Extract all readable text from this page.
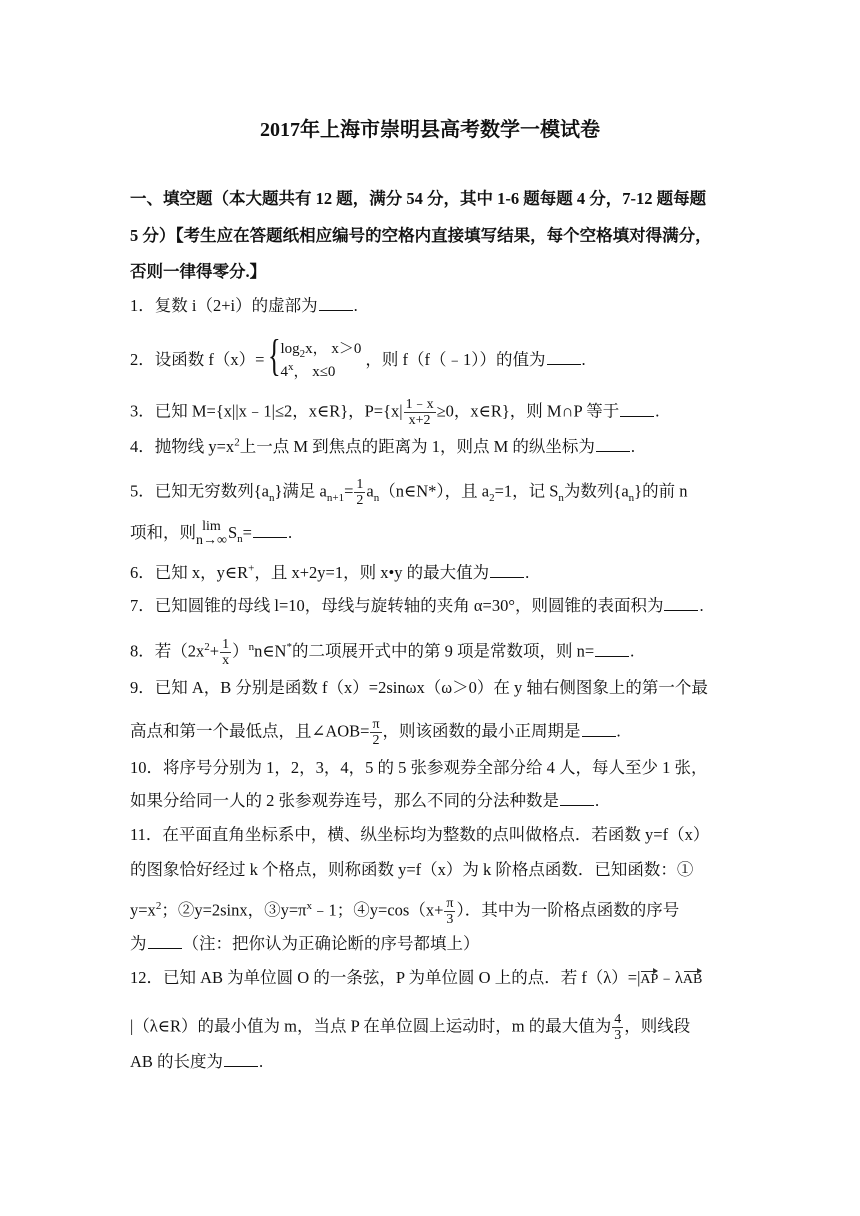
2017年上海市崇明县高考数学一模试卷
一、填空题（本大题共有 12 题，满分 54 分，其中 1-6 题每题 4 分，7-12 题每题
5 分）【考生应在答题纸相应编号的空格内直接填写结果，每个空格填对得满分，
否则一律得零分.】
1．复数 i（2+i）的虚部为 .
2．设函数 f（x）= { $\log_2x$， x＞0
4$^x$， x≤0
，则 f（f（﹣1））的值为 .
3．已知 M={x||x﹣1|≤2，x∈R}，$P=\{x| \frac{1﹣x}{x+2} \ge 0$，x∈R}，则 M∩P 等于 .
4．抛物线 $y=x^2$上一点 M 到焦点的距离为 1，则点 M 的纵坐标为 .
5．已知无穷数列$\{a_n\}$满足 $a_{n+1}= \frac{1}{2}$ $a_n(n\in N*)$，且 $a_2=1$，记 $S_n$为数列$\{a_n\}$的前 n
项和，则 lim
n→∞ $S_n=$ .
6．已知 x，y∈R+，且 x+2y=1，则 x•y 的最大值为 .
7．已知圆锥的母线 l=10，母线与旋转轴的夹角 α=30°，则圆锥的表面积为 .
8．若（$2x^2+ \frac{1}{x}$ ）$^nn\in N^*$的二项展开式中的第 9 项是常数项，则 n= .
9．已知 A，B 分别是函数 f（x）=2sinωx（ω＞0）在 y 轴右侧图象上的第一个最
高点和第一个最低点，且∠AOB= $\frac{\pi}{2}$ ，则该函数的最小正周期是 .
10．将序号分别为 1，2，3，4，5 的 5 张参观券全部分给 4 人，每人至少 1 张，
如果分给同一人的 2 张参观券连号，那么不同的分法种数是 .
11．在平面直角坐标系中，横、纵坐标均为整数的点叫做格点．若函数 y=f（x）
的图象恰好经过 k 个格点，则称函数 y=f（x）为 k 阶格点函数．已知函数：①
$y=x^2$；②y=2sinx，$③y=\pi^x﹣1$；④y=cos（x+ $\frac{\pi}{3}$ ）．其中为一阶格点函数的序号
为 （注：把你认为正确论断的序号都填上）
12．已知 AB 为单位圆 O 的一条弦，P 为单位圆 O 上的点．若 f（λ）=|AP﹣λAB
|（λ∈R）的最小值为 m，当点 P 在单位圆上运动时，m 的最大值为 $\frac{4}{3}$ ，则线段
AB 的长度为 .
